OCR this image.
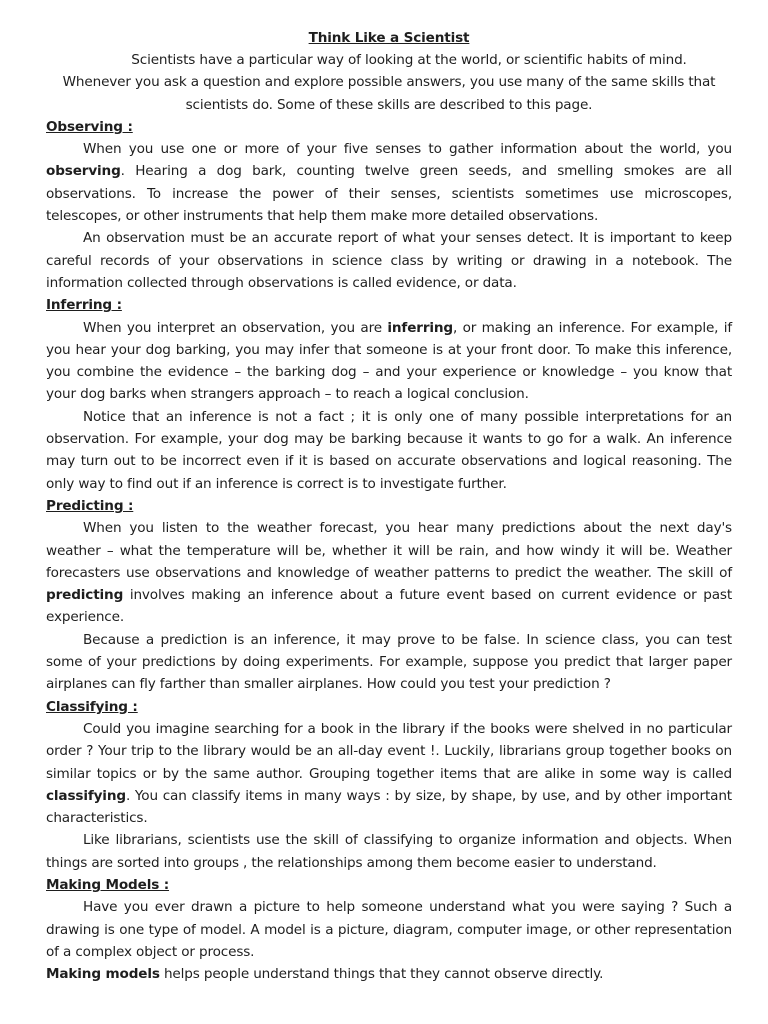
Think Like a Scientist
Scientists have a particular way of looking at the world, or scientific habits of mind.
Whenever you ask a question and explore possible answers, you use many of the same skills that
scientists do. Some of these skills are described to this page.
Observing :

When you use one or more of your five senses to gather information about the world, you observing. Hearing a dog bark, counting twelve green seeds, and smelling smokes are all observations. To increase the power of their senses, scientists sometimes use microscopes, telescopes, or other instruments that help them make more detailed observations.

An observation must be an accurate report of what your senses detect. It is important to keep careful records of your observations in science class by writing or drawing in a notebook. The information collected through observations is called evidence, or data.

Inferring :

When you interpret an observation, you are inferring, or making an inference. For example, if you hear your dog barking, you may infer that someone is at your front door. To make this inference, you combine the evidence – the barking dog – and your experience or knowledge – you know that your dog barks when strangers approach – to reach a logical conclusion.

Notice that an inference is not a fact ; it is only one of many possible interpretations for an observation. For example, your dog may be barking because it wants to go for a walk. An inference may turn out to be incorrect even if it is based on accurate observations and logical reasoning. The only way to find out if an inference is correct is to investigate further.

Predicting :

When you listen to the weather forecast, you hear many predictions about the next day's weather – what the temperature will be, whether it will be rain, and how windy it will be. Weather forecasters use observations and knowledge of weather patterns to predict the weather. The skill of predicting involves making an inference about a future event based on current evidence or past experience.

Because a prediction is an inference, it may prove to be false. In science class, you can test some of your predictions by doing experiments. For example, suppose you predict that larger paper airplanes can fly farther than smaller airplanes. How could you test your prediction ?

Classifying :

Could you imagine searching for a book in the library if the books were shelved in no particular order ? Your trip to the library would be an all-day event !. Luckily, librarians group together books on similar topics or by the same author. Grouping together items that are alike in some way is called classifying. You can classify items in many ways : by size, by shape, by use, and by other important characteristics.

Like librarians, scientists use the skill of classifying to organize information and objects. When things are sorted into groups , the relationships among them become easier to understand.

Making Models :

Have you ever drawn a picture to help someone understand what you were saying ? Such a drawing is one type of model. A model is a picture, diagram, computer image, or other representation of a complex object or process.

Making models helps people understand things that they cannot observe directly.
